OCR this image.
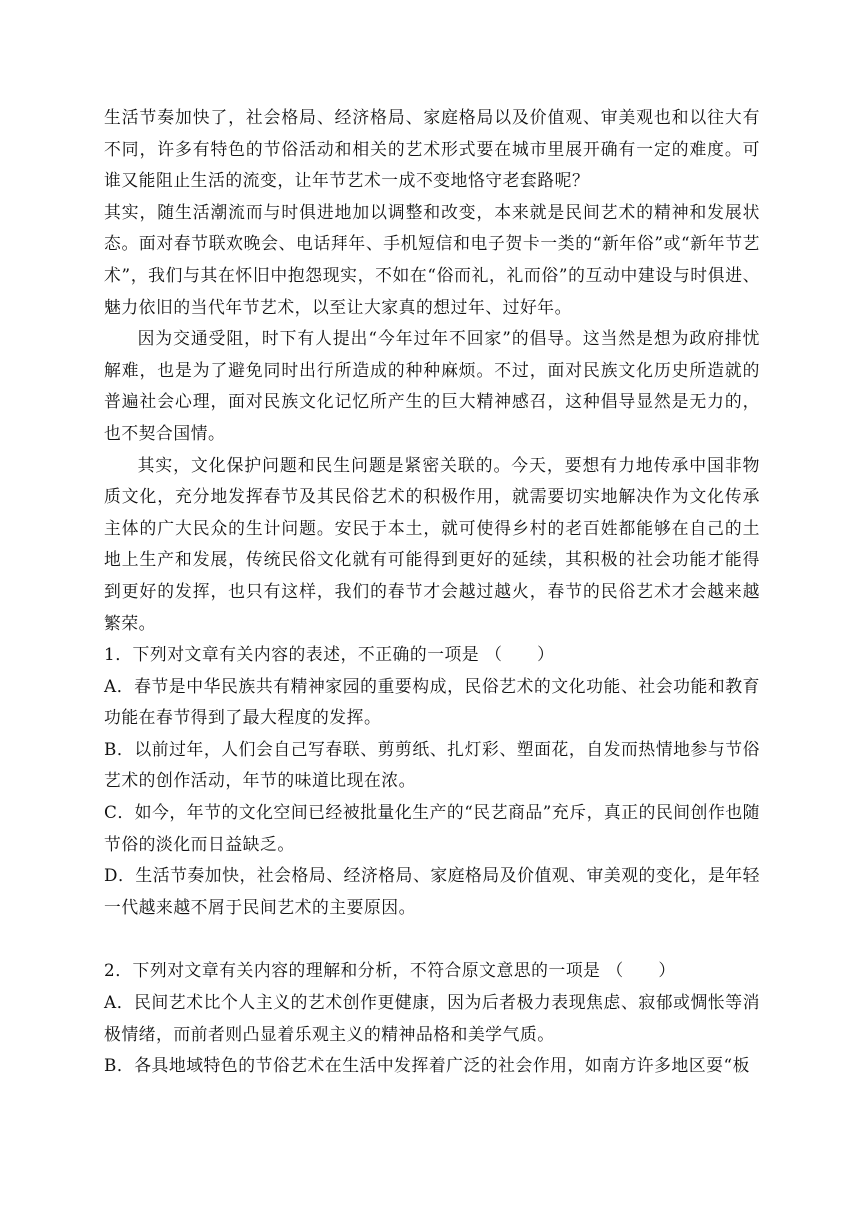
生活节奏加快了，社会格局、经济格局、家庭格局以及价值观、审美观也和以往大有不同，许多有特色的节俗活动和相关的艺术形式要在城市里展开确有一定的难度。可谁又能阻止生活的流变，让年节艺术一成不变地恪守老套路呢？

其实，随生活潮流而与时俱进地加以调整和改变，本来就是民间艺术的精神和发展状态。面对春节联欢晚会、电话拜年、手机短信和电子贺卡一类的“新年俗”或“新年节艺术”，我们与其在怀旧中抱怨现实，不如在“俗而礼，礼而俗”的互动中建设与时俱进、魅力依旧的当代年节艺术，以至让大家真的想过年、过好年。

因为交通受阻，时下有人提出“今年过年不回家”的倡导。这当然是想为政府排忧解难，也是为了避免同时出行所造成的种种麻烦。不过，面对民族文化历史所造就的普遍社会心理，面对民族文化记忆所产生的巨大精神感召，这种倡导显然是无力的，也不契合国情。

其实，文化保护问题和民生问题是紧密关联的。今天，要想有力地传承中国非物质文化，充分地发挥春节及其民俗艺术的积极作用，就需要切实地解决作为文化传承主体的广大民众的生计问题。安民于本土，就可使得乡村的老百姓都能够在自己的土地上生产和发展，传统民俗文化就有可能得到更好的延续，其积极的社会功能才能得到更好的发挥，也只有这样，我们的春节才会越过越火，春节的民俗艺术才会越来越繁荣。

1．下列对文章有关内容的表述，不正确的一项是 （　　）

A．春节是中华民族共有精神家园的重要构成，民俗艺术的文化功能、社会功能和教育功能在春节得到了最大程度的发挥。

B．以前过年，人们会自己写春联、剪剪纸、扎灯彩、塑面花，自发而热情地参与节俗艺术的创作活动，年节的味道比现在浓。

C．如今，年节的文化空间已经被批量化生产的“民艺商品”充斥，真正的民间创作也随节俗的淡化而日益缺乏。

D．生活节奏加快，社会格局、经济格局、家庭格局及价值观、审美观的变化，是年轻一代越来越不屑于民间艺术的主要原因。

2．下列对文章有关内容的理解和分析，不符合原文意思的一项是 （　　）

A．民间艺术比个人主义的艺术创作更健康，因为后者极力表现焦虑、寂郁或惆怅等消极情绪，而前者则凸显着乐观主义的精神品格和美学气质。

B．各具地域特色的节俗艺术在生活中发挥着广泛的社会作用，如南方许多地区耍“板
